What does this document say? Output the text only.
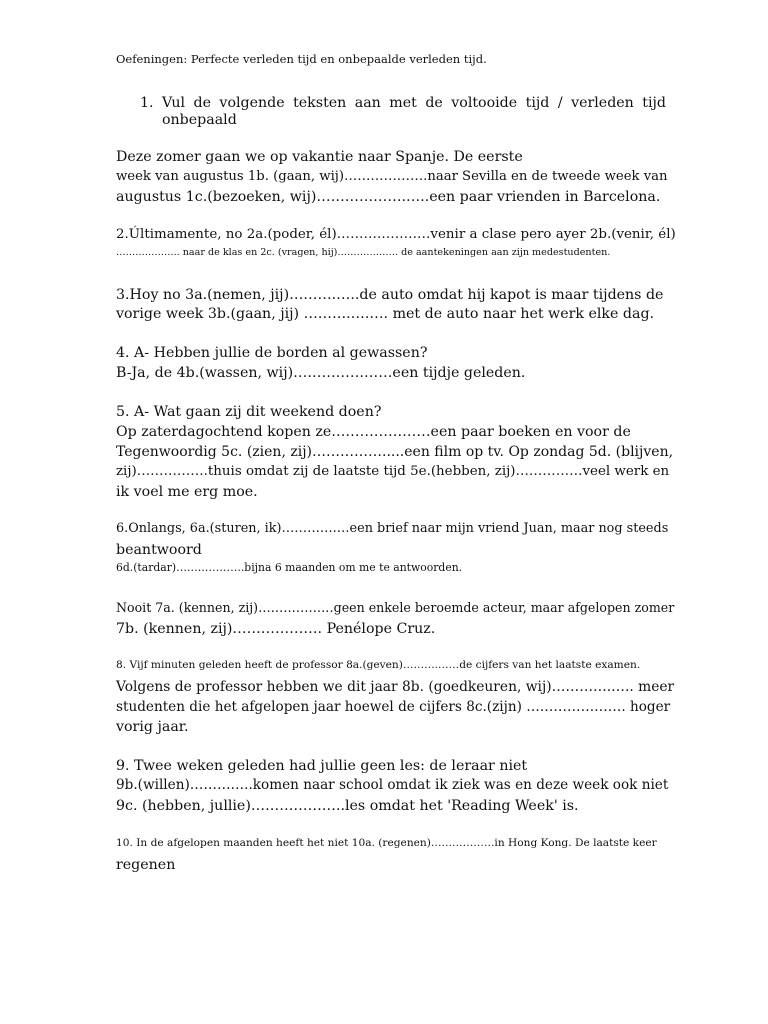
Oefeningen: Perfecte verleden tijd en onbepaalde verleden tijd.
1. Vul de volgende teksten aan met de voltooide tijd / verleden tijd
onbepaald
Deze zomer gaan we op vakantie naar Spanje. De eerste
week van augustus 1b. (gaan, wij)……………….naar Sevilla en de tweede week van
augustus 1c.(bezoeken, wij)……………….…..een paar vrienden in Barcelona.
2.Últimamente, no 2a.(poder, él)…………………venir a clase pero ayer 2b.(venir, él)
……………….. naar de klas en 2c. (vragen, hij)………………. de aantekeningen aan zijn medestudenten.
3.Hoy no 3a.(nemen, jij)……….…..de auto omdat hij kapot is maar tijdens de
vorige week 3b.(gaan, jij) ……….….…. met de auto naar het werk elke dag.
4. A- Hebben jullie de borden al gewassen?
B-Ja, de 4b.(wassen, wij)…………………een tijdje geleden.
5. A- Wat gaan zij dit weekend doen?
Op zaterdagochtend kopen ze…………………een paar boeken en voor de
Tegenwoordig 5c. (zien, zij)…………….....een film op tv. Op zondag 5d. (blijven,
zij)…………….thuis omdat zij de laatste tijd 5e.(hebben, zij)……………veel werk en
ik voel me erg moe.
6.Onlangs, 6a.(sturen, ik)………….…een brief naar mijn vriend Juan, maar nog steeds
beantwoord
6d.(tardar)……………….bijna 6 maanden om me te antwoorden.
Nooit 7a. (kennen, zij)………………geen enkele beroemde acteur, maar afgelopen zomer
7b. (kennen, zij)………………. Penélope Cruz.
8. Vijf minuten geleden heeft de professor 8a.(geven)……….……de cijfers van het laatste examen.
Volgens de professor hebben we dit jaar 8b. (goedkeuren, wij)………….….. meer
studenten die het afgelopen jaar hoewel de cijfers 8c.(zijn) …………………. hoger
vorig jaar.
9. Twee weken geleden had jullie geen les: de leraar niet
9b.(willen)…………..komen naar school omdat ik ziek was en deze week ook niet
9c. (hebben, jullie)………………..les omdat het 'Reading Week' is.
10. In de afgelopen maanden heeft het niet 10a. (regenen)………………in Hong Kong. De laatste keer
regenen
